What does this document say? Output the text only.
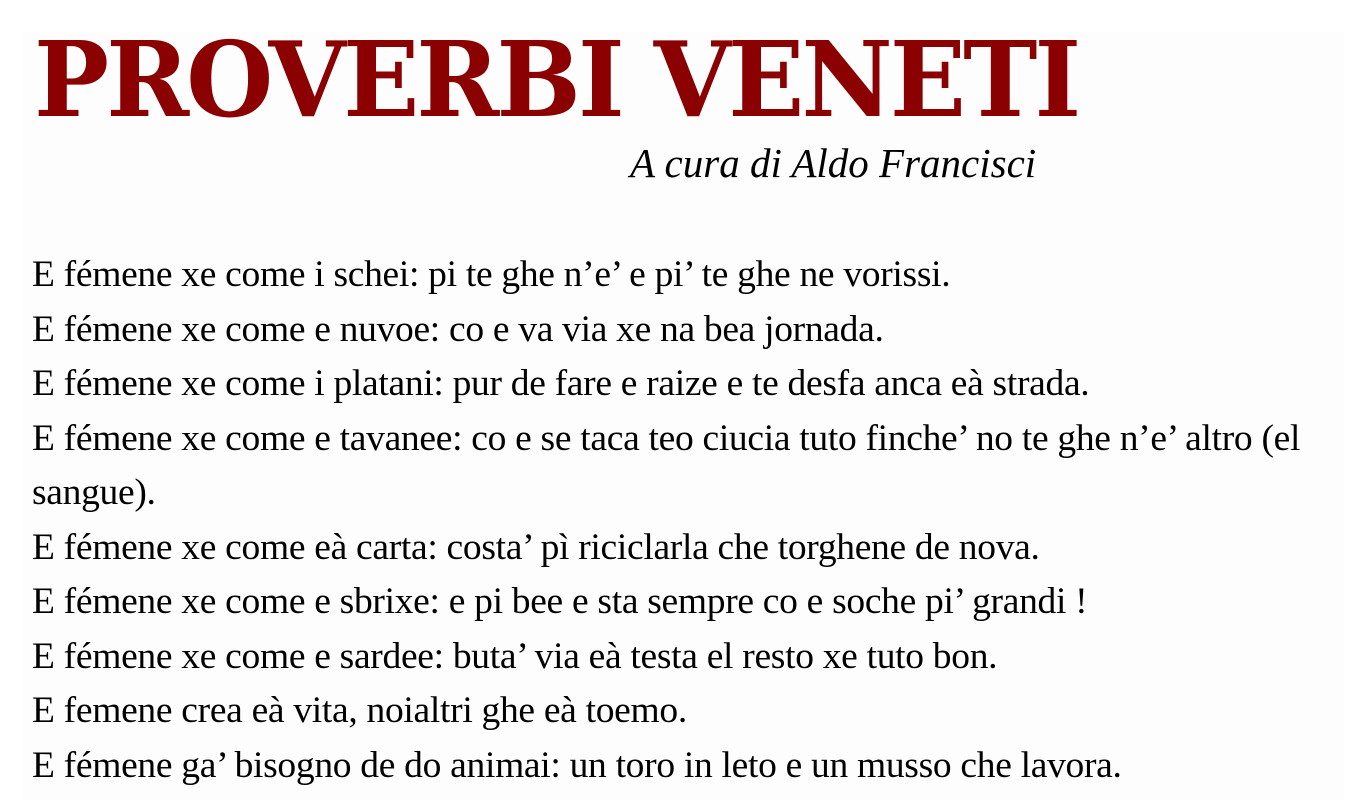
PROVERBI VENETI

A cura di Aldo Francisci

E fémene xe come i schei: pi te ghe n’e’ e pi’ te ghe ne vorissi.
E fémene xe come e nuvoe: co e va via xe na bea jornada.
E fémene xe come i platani: pur de fare e raize e te desfa anca eà strada.
E fémene xe come e tavanee: co e se taca teo ciucia tuto finche’ no te ghe n’e’ altro (el sangue).
E fémene xe come eà carta: costa’ pì riciclarla che torghene de nova.
E fémene xe come e sbrixe: e pi bee e sta sempre co e soche pi’ grandi !
E fémene xe come e sardee: buta’ via eà testa el resto xe tuto bon.
E femene crea eà vita, noialtri ghe eà toemo.
E fémene ga’ bisogno de do animai: un toro in leto e un musso che lavora.
